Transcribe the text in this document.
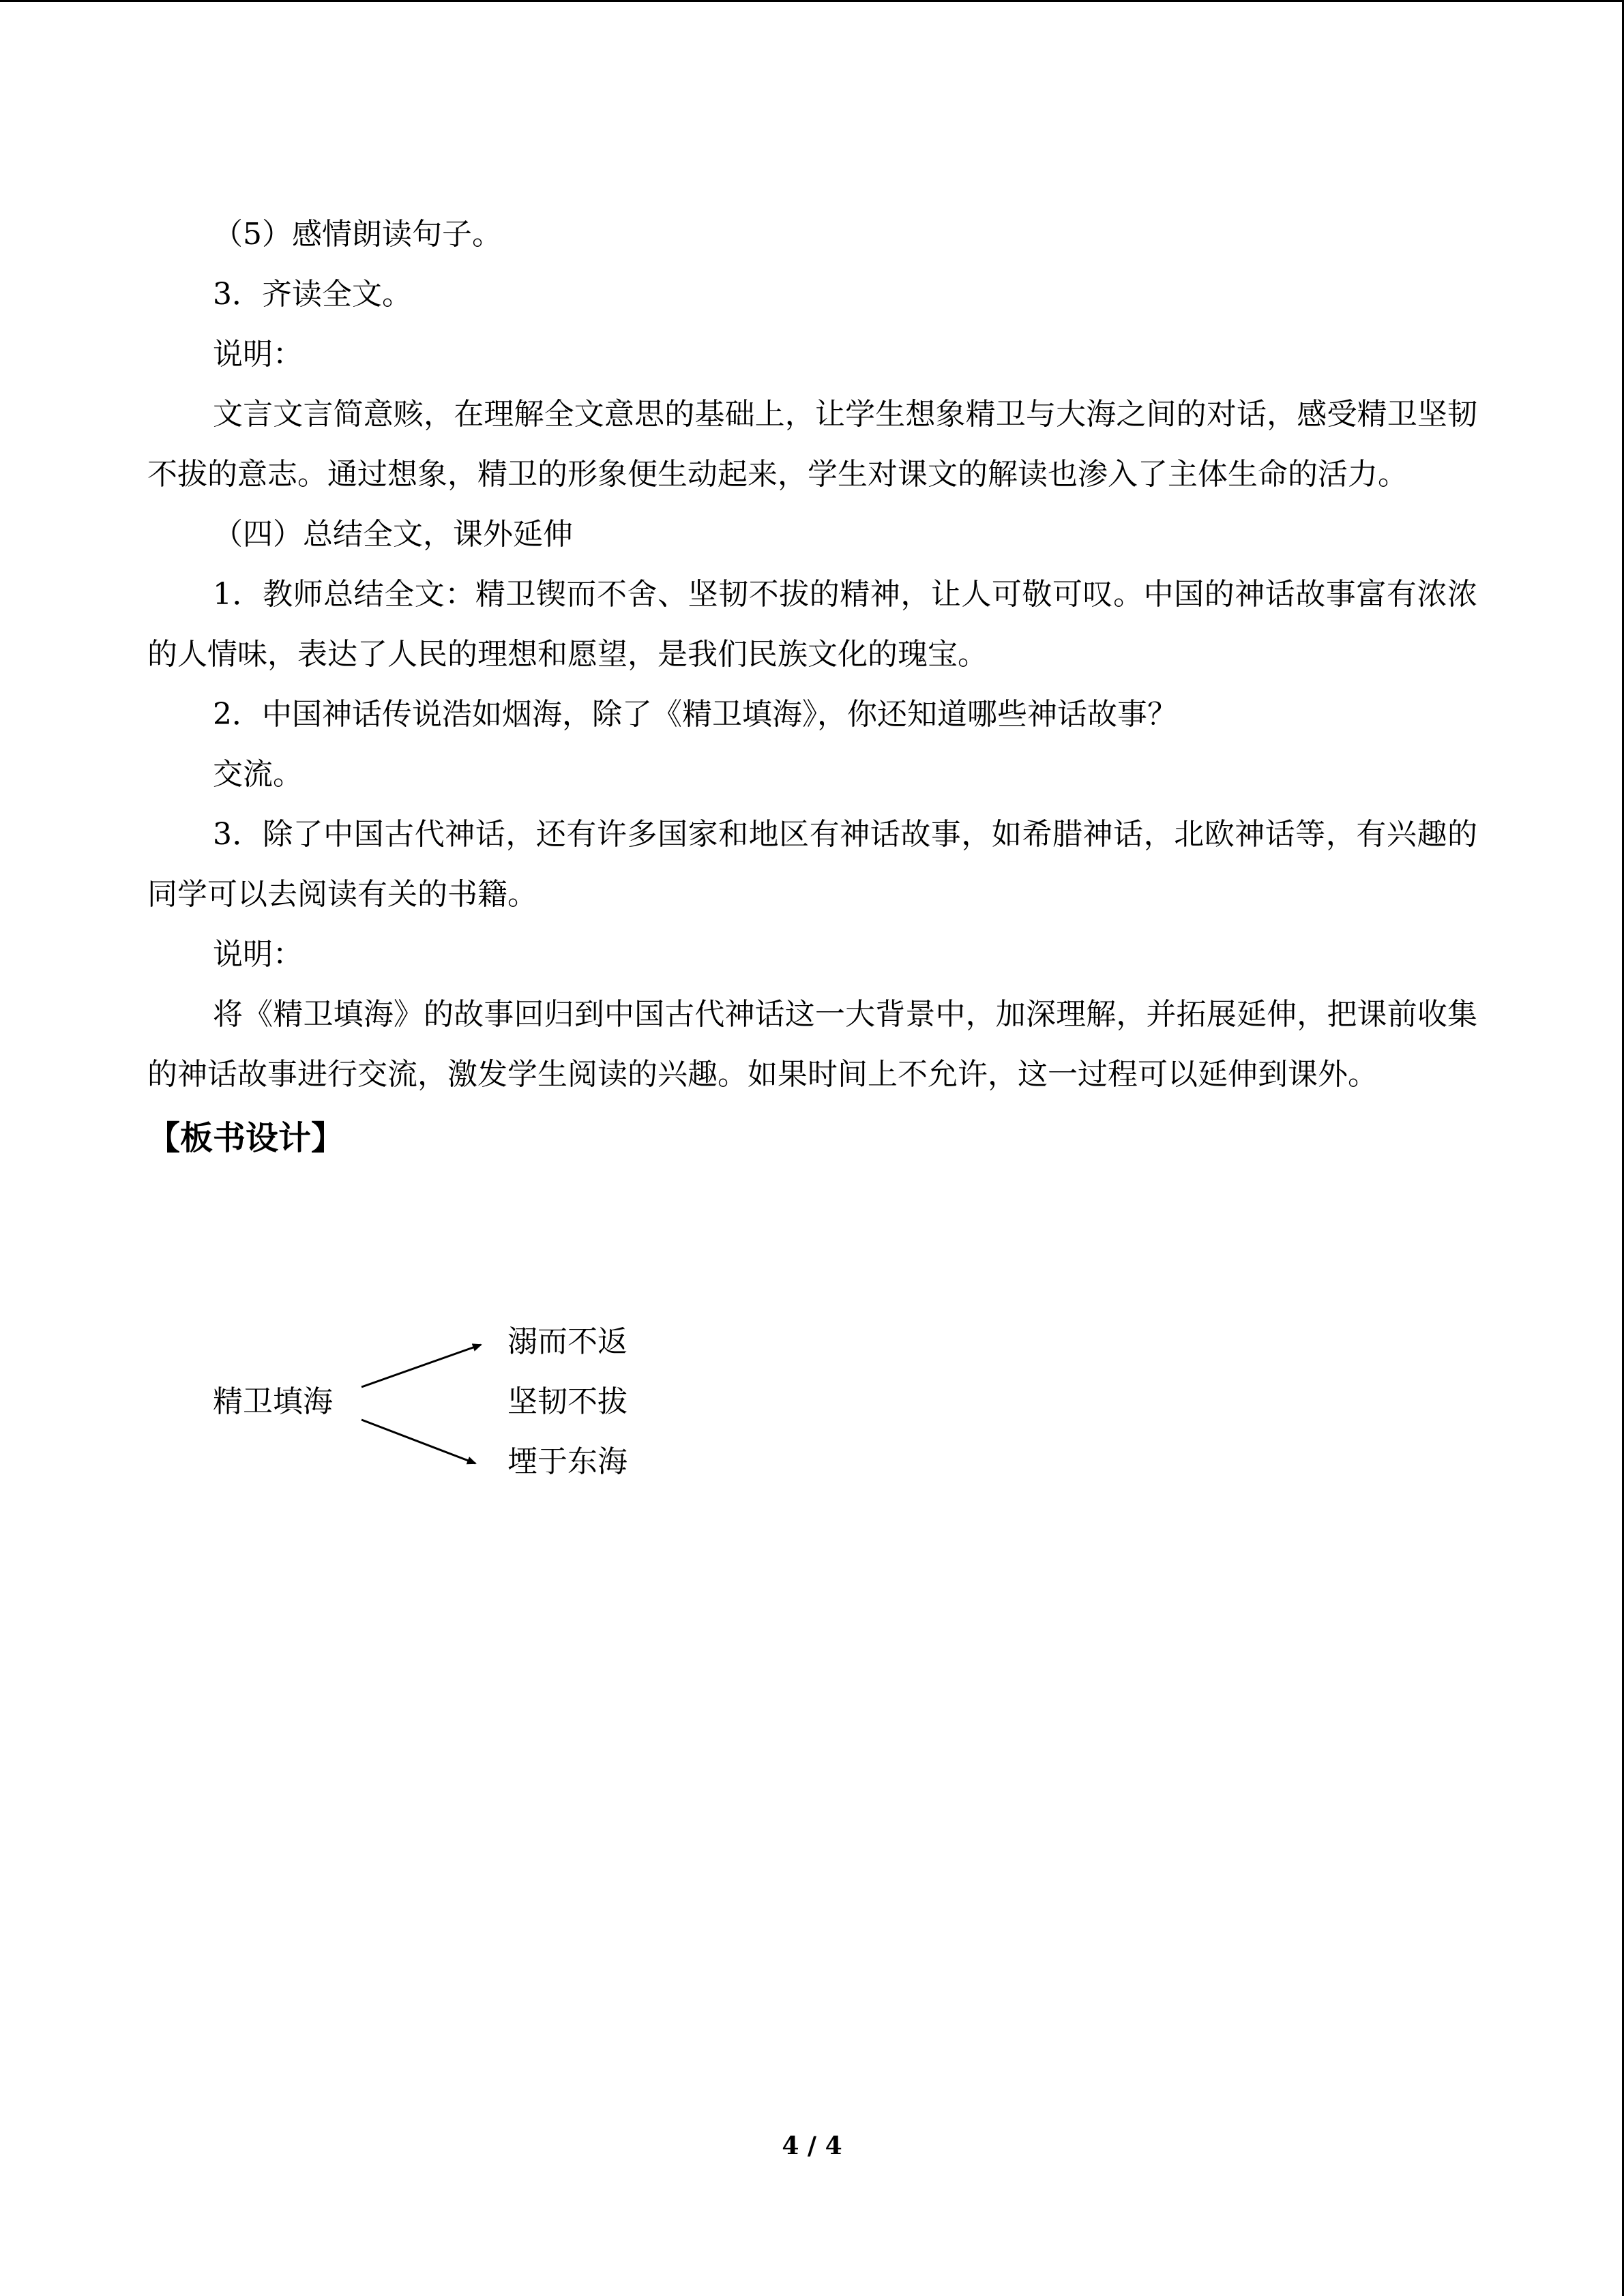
（5）感情朗读句子。

3．齐读全文。

说明：

文言文言简意赅，在理解全文意思的基础上，让学生想象精卫与大海之间的对话，感受精卫坚韧不拔的意志。通过想象，精卫的形象便生动起来，学生对课文的解读也渗入了主体生命的活力。

（四）总结全文，课外延伸

1．教师总结全文：精卫锲而不舍、坚韧不拔的精神，让人可敬可叹。中国的神话故事富有浓浓的人情味，表达了人民的理想和愿望，是我们民族文化的瑰宝。

2．中国神话传说浩如烟海，除了《精卫填海》，你还知道哪些神话故事？

交流。

3．除了中国古代神话，还有许多国家和地区有神话故事，如希腊神话，北欧神话等，有兴趣的同学可以去阅读有关的书籍。

说明：

将《精卫填海》的故事回归到中国古代神话这一大背景中，加深理解，并拓展延伸，把课前收集的神话故事进行交流，激发学生阅读的兴趣。如果时间上不允许，这一过程可以延伸到课外。

【板书设计】
精卫填海
溺而不返
坚韧不拔
堙于东海
4 / 4
